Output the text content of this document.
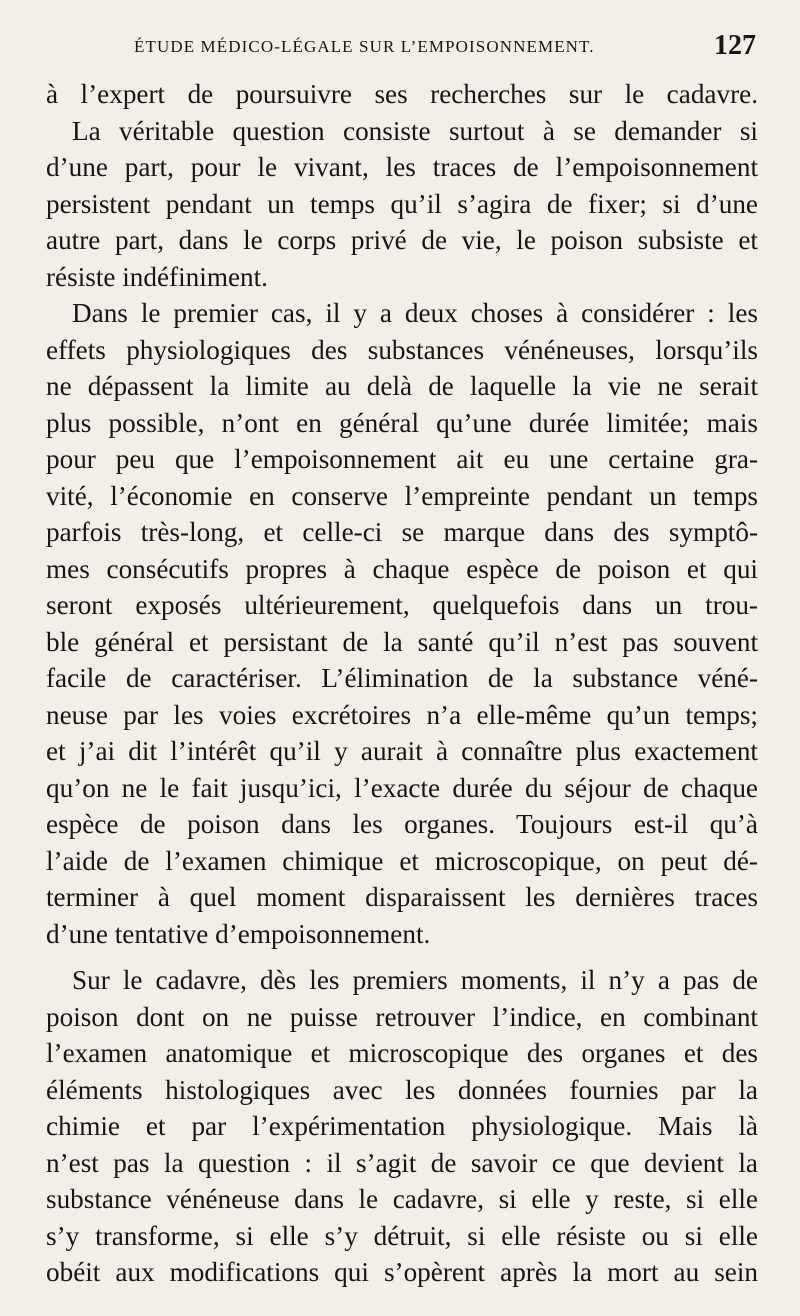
ÉTUDE MÉDICO-LÉGALE SUR L’EMPOISONNEMENT.	127
à l’expert de poursuivre ses recherches sur le cadavre.
La véritable question consiste surtout à se demander si
d’une part, pour le vivant, les traces de l’empoisonnement
persistent pendant un temps qu’il s’agira de fixer; si d’une
autre part, dans le corps privé de vie, le poison subsiste et
résiste indéfiniment.
Dans le premier cas, il y a deux choses à considérer : les
effets physiologiques des substances vénéneuses, lorsqu’ils
ne dépassent la limite au delà de laquelle la vie ne serait
plus possible, n’ont en général qu’une durée limitée; mais
pour peu que l’empoisonnement ait eu une certaine gra-
vité, l’économie en conserve l’empreinte pendant un temps
parfois très-long, et celle-ci se marque dans des symptô-
mes consécutifs propres à chaque espèce de poison et qui
seront exposés ultérieurement, quelquefois dans un trou-
ble général et persistant de la santé qu’il n’est pas souvent
facile de caractériser. L’élimination de la substance véné-
neuse par les voies excrétoires n’a elle-même qu’un temps;
et j’ai dit l’intérêt qu’il y aurait à connaître plus exactement
qu’on ne le fait jusqu’ici, l’exacte durée du séjour de chaque
espèce de poison dans les organes. Toujours est-il qu’à
l’aide de l’examen chimique et microscopique, on peut dé-
terminer à quel moment disparaissent les dernières traces
d’une tentative d’empoisonnement.
Sur le cadavre, dès les premiers moments, il n’y a pas de
poison dont on ne puisse retrouver l’indice, en combinant
l’examen anatomique et microscopique des organes et des
éléments histologiques avec les données fournies par la
chimie et par l’expérimentation physiologique. Mais là
n’est pas la question : il s’agit de savoir ce que devient la
substance vénéneuse dans le cadavre, si elle y reste, si elle
s’y transforme, si elle s’y détruit, si elle résiste ou si elle
obéit aux modifications qui s’opèrent après la mort au sein
